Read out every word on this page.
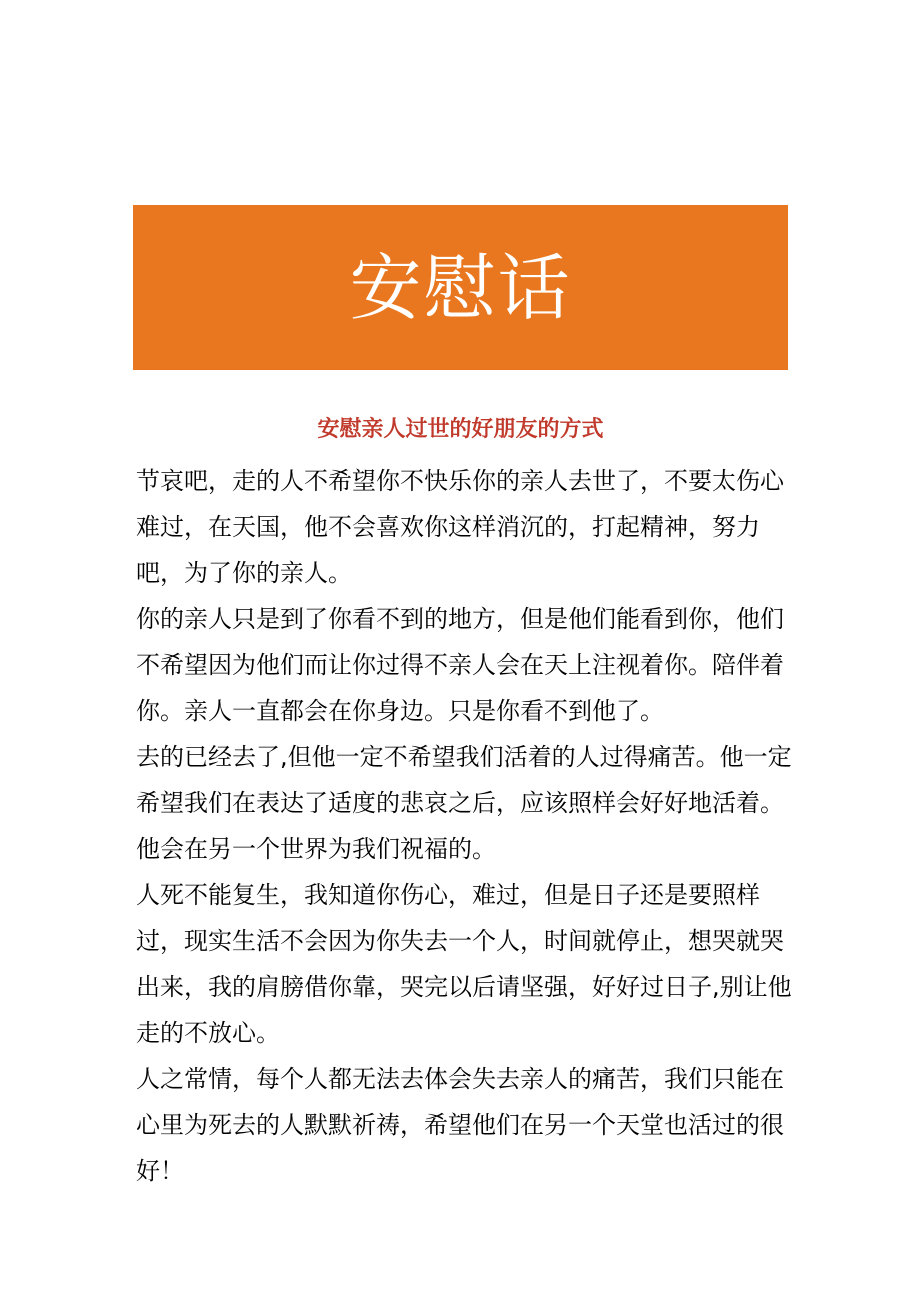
安慰话
安慰亲人过世的好朋友的方式

节哀吧，走的人不希望你不快乐你的亲人去世了，不要太伤心难过，在天国，他不会喜欢你这样消沉的，打起精神，努力吧，为了你的亲人。

你的亲人只是到了你看不到的地方，但是他们能看到你，他们不希望因为他们而让你过得不亲人会在天上注视着你。陪伴着你。亲人一直都会在你身边。只是你看不到他了。

去的已经去了,但他一定不希望我们活着的人过得痛苦。他一定希望我们在表达了适度的悲哀之后，应该照样会好好地活着。他会在另一个世界为我们祝福的。

人死不能复生，我知道你伤心，难过，但是日子还是要照样过，现实生活不会因为你失去一个人，时间就停止，想哭就哭出来，我的肩膀借你靠，哭完以后请坚强，好好过日子,别让他走的不放心。

人之常情，每个人都无法去体会失去亲人的痛苦，我们只能在心里为死去的人默默祈祷，希望他们在另一个天堂也活过的很好！
